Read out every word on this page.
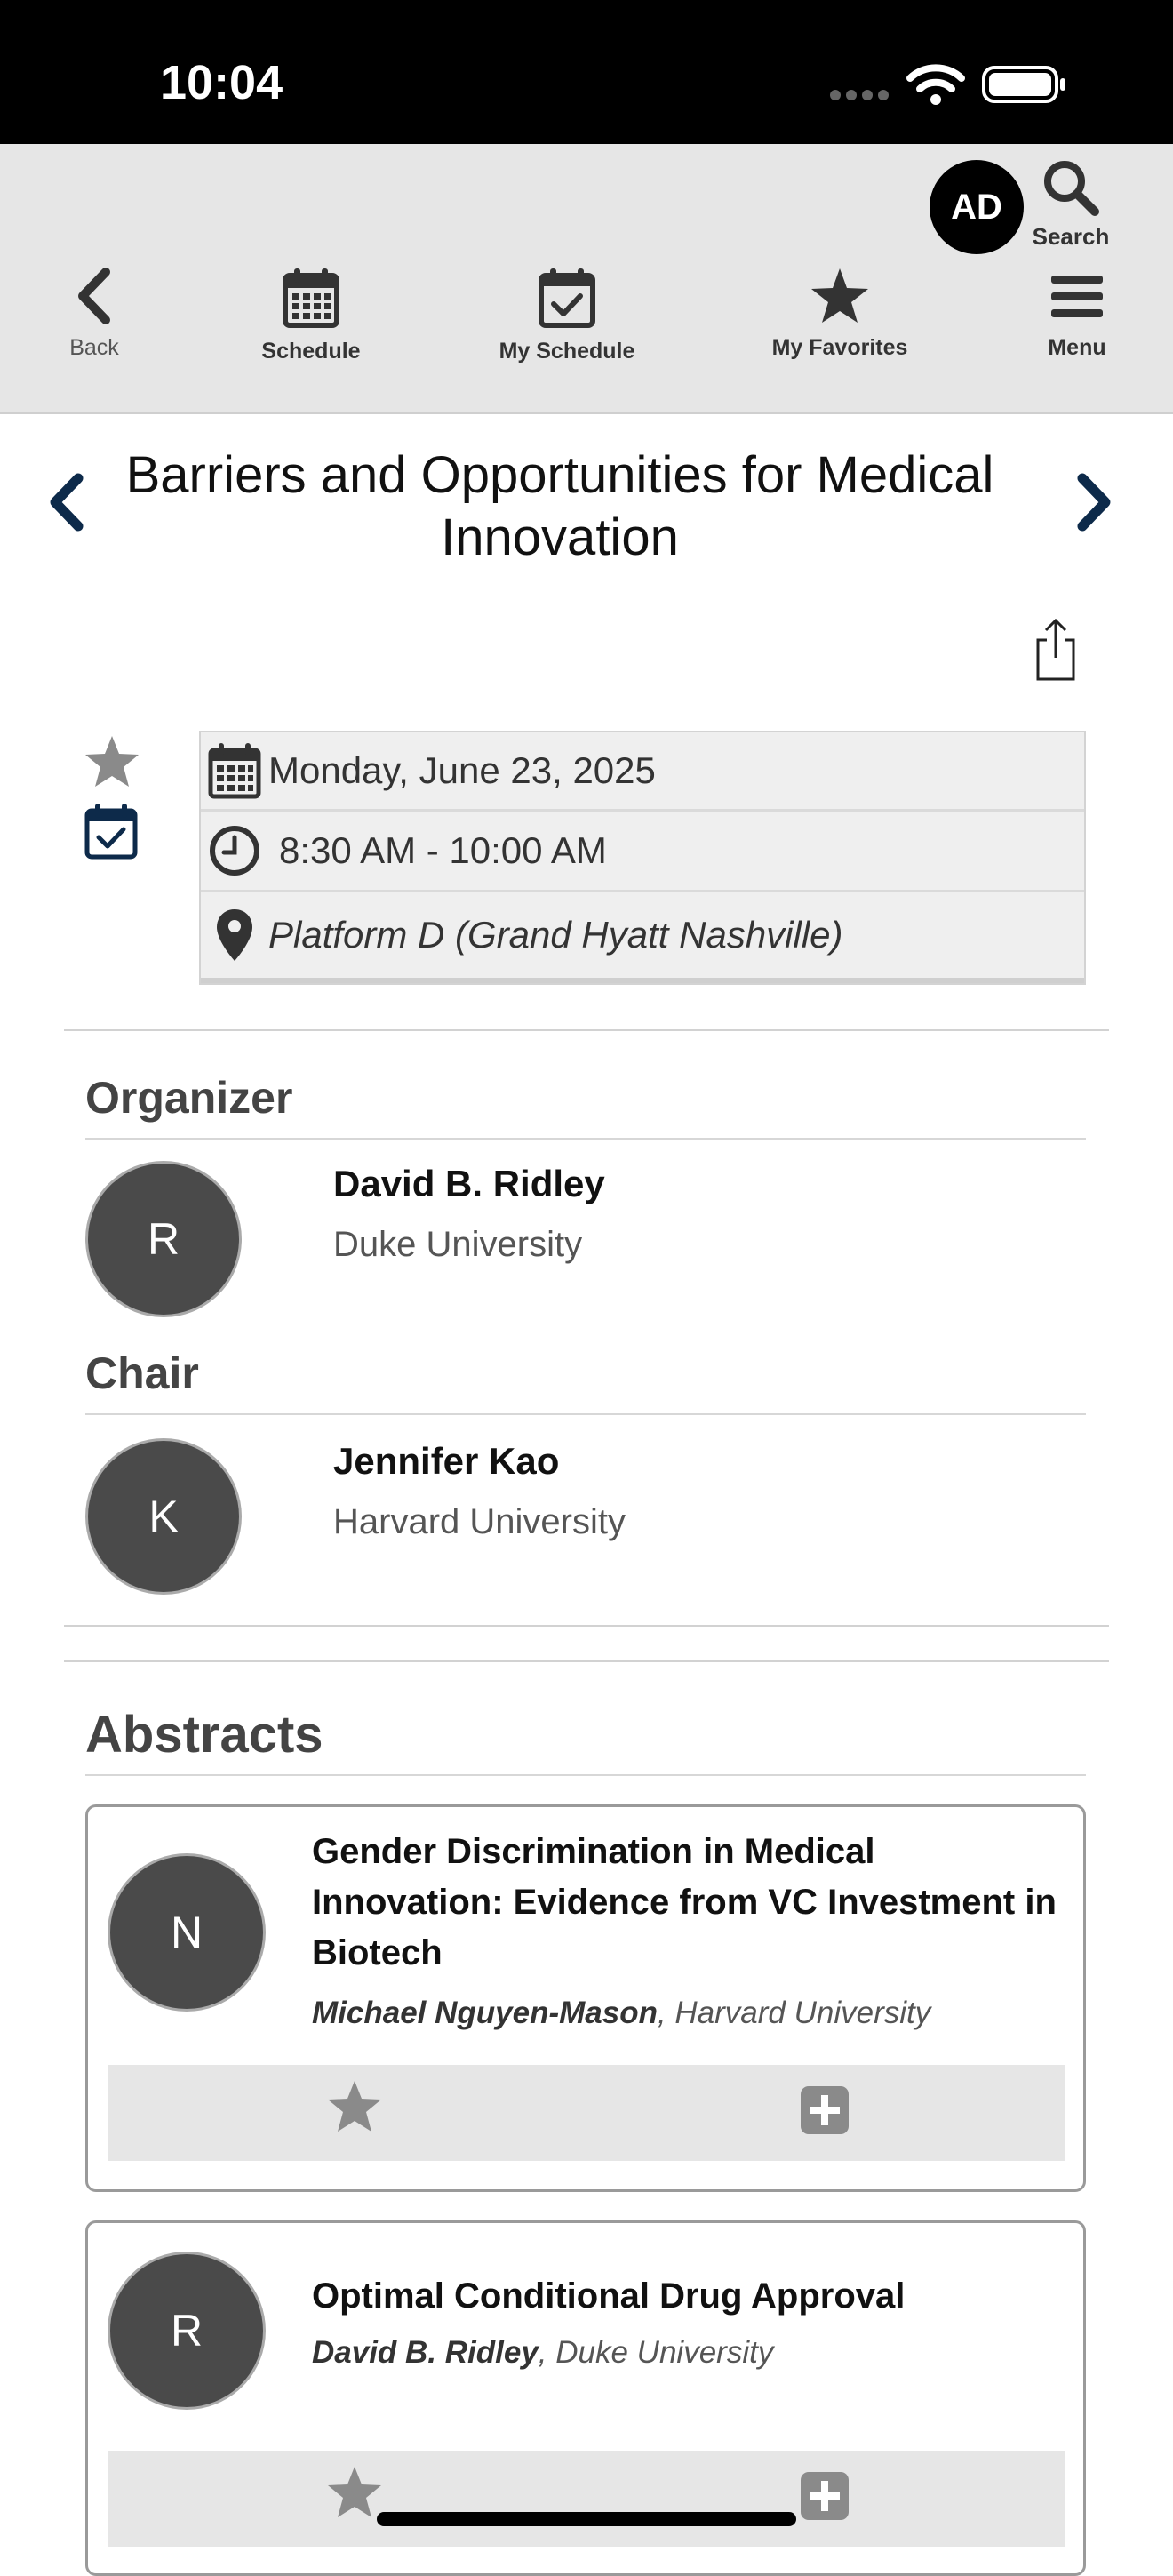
10:04
AD
Search
Back	Schedule	My Schedule	My Favorites	Menu
Barriers and Opportunities for Medical Innovation
Monday, June 23, 2025
8:30 AM - 10:00 AM
Platform D (Grand Hyatt Nashville)
Organizer
R
David B. Ridley
Duke University
Chair
K
Jennifer Kao
Harvard University
Abstracts
N
Gender Discrimination in Medical Innovation: Evidence from VC Investment in Biotech
Michael Nguyen-Mason, Harvard University
R
Optimal Conditional Drug Approval
David B. Ridley, Duke University
